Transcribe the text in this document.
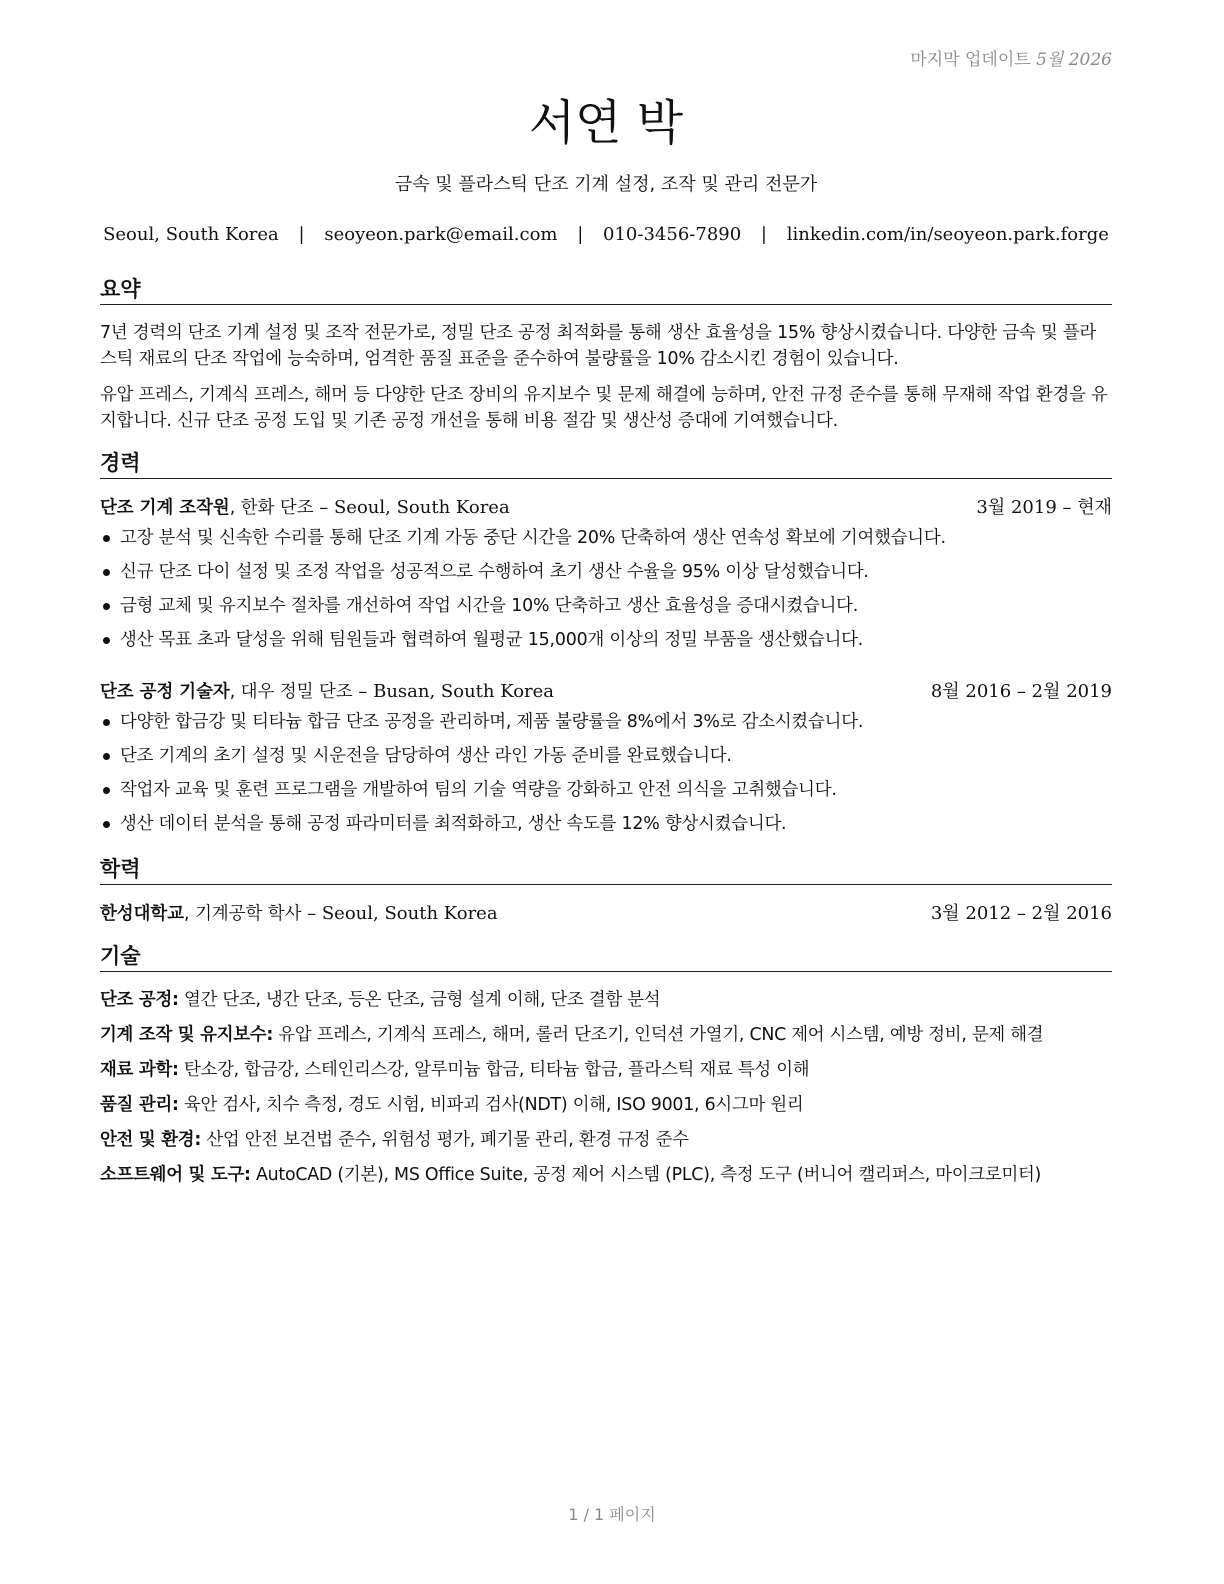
마지막 업데이트 5월 2026
서연 박
금속 및 플라스틱 단조 기계 설정, 조작 및 관리 전문가
Seoul, South Korea | seoyeon.park@email.com | 010-3456-7890 | linkedin.com/in/seoyeon.park.forge
요약
7년 경력의 단조 기계 설정 및 조작 전문가로, 정밀 단조 공정 최적화를 통해 생산 효율성을 15% 향상시켰습니다. 다양한 금속 및 플라스틱 재료의 단조 작업에 능숙하며, 엄격한 품질 표준을 준수하여 불량률을 10% 감소시킨 경험이 있습니다.
유압 프레스, 기계식 프레스, 해머 등 다양한 단조 장비의 유지보수 및 문제 해결에 능하며, 안전 규정 준수를 통해 무재해 작업 환경을 유지합니다. 신규 단조 공정 도입 및 기존 공정 개선을 통해 비용 절감 및 생산성 증대에 기여했습니다.
경력
단조 기계 조작원, 한화 단조 – Seoul, South Korea	3월 2019 – 현재
고장 분석 및 신속한 수리를 통해 단조 기계 가동 중단 시간을 20% 단축하여 생산 연속성 확보에 기여했습니다.
신규 단조 다이 설정 및 조정 작업을 성공적으로 수행하여 초기 생산 수율을 95% 이상 달성했습니다.
금형 교체 및 유지보수 절차를 개선하여 작업 시간을 10% 단축하고 생산 효율성을 증대시켰습니다.
생산 목표 초과 달성을 위해 팀원들과 협력하여 월평균 15,000개 이상의 정밀 부품을 생산했습니다.
단조 공정 기술자, 대우 정밀 단조 – Busan, South Korea	8월 2016 – 2월 2019
다양한 합금강 및 티타늄 합금 단조 공정을 관리하며, 제품 불량률을 8%에서 3%로 감소시켰습니다.
단조 기계의 초기 설정 및 시운전을 담당하여 생산 라인 가동 준비를 완료했습니다.
작업자 교육 및 훈련 프로그램을 개발하여 팀의 기술 역량을 강화하고 안전 의식을 고취했습니다.
생산 데이터 분석을 통해 공정 파라미터를 최적화하고, 생산 속도를 12% 향상시켰습니다.
학력
한성대학교, 기계공학 학사 – Seoul, South Korea	3월 2012 – 2월 2016
기술
단조 공정: 열간 단조, 냉간 단조, 등온 단조, 금형 설계 이해, 단조 결함 분석
기계 조작 및 유지보수: 유압 프레스, 기계식 프레스, 해머, 롤러 단조기, 인덕션 가열기, CNC 제어 시스템, 예방 정비, 문제 해결
재료 과학: 탄소강, 합금강, 스테인리스강, 알루미늄 합금, 티타늄 합금, 플라스틱 재료 특성 이해
품질 관리: 육안 검사, 치수 측정, 경도 시험, 비파괴 검사(NDT) 이해, ISO 9001, 6시그마 원리
안전 및 환경: 산업 안전 보건법 준수, 위험성 평가, 폐기물 관리, 환경 규정 준수
소프트웨어 및 도구: AutoCAD (기본), MS Office Suite, 공정 제어 시스템 (PLC), 측정 도구 (버니어 캘리퍼스, 마이크로미터)
1 / 1 페이지
